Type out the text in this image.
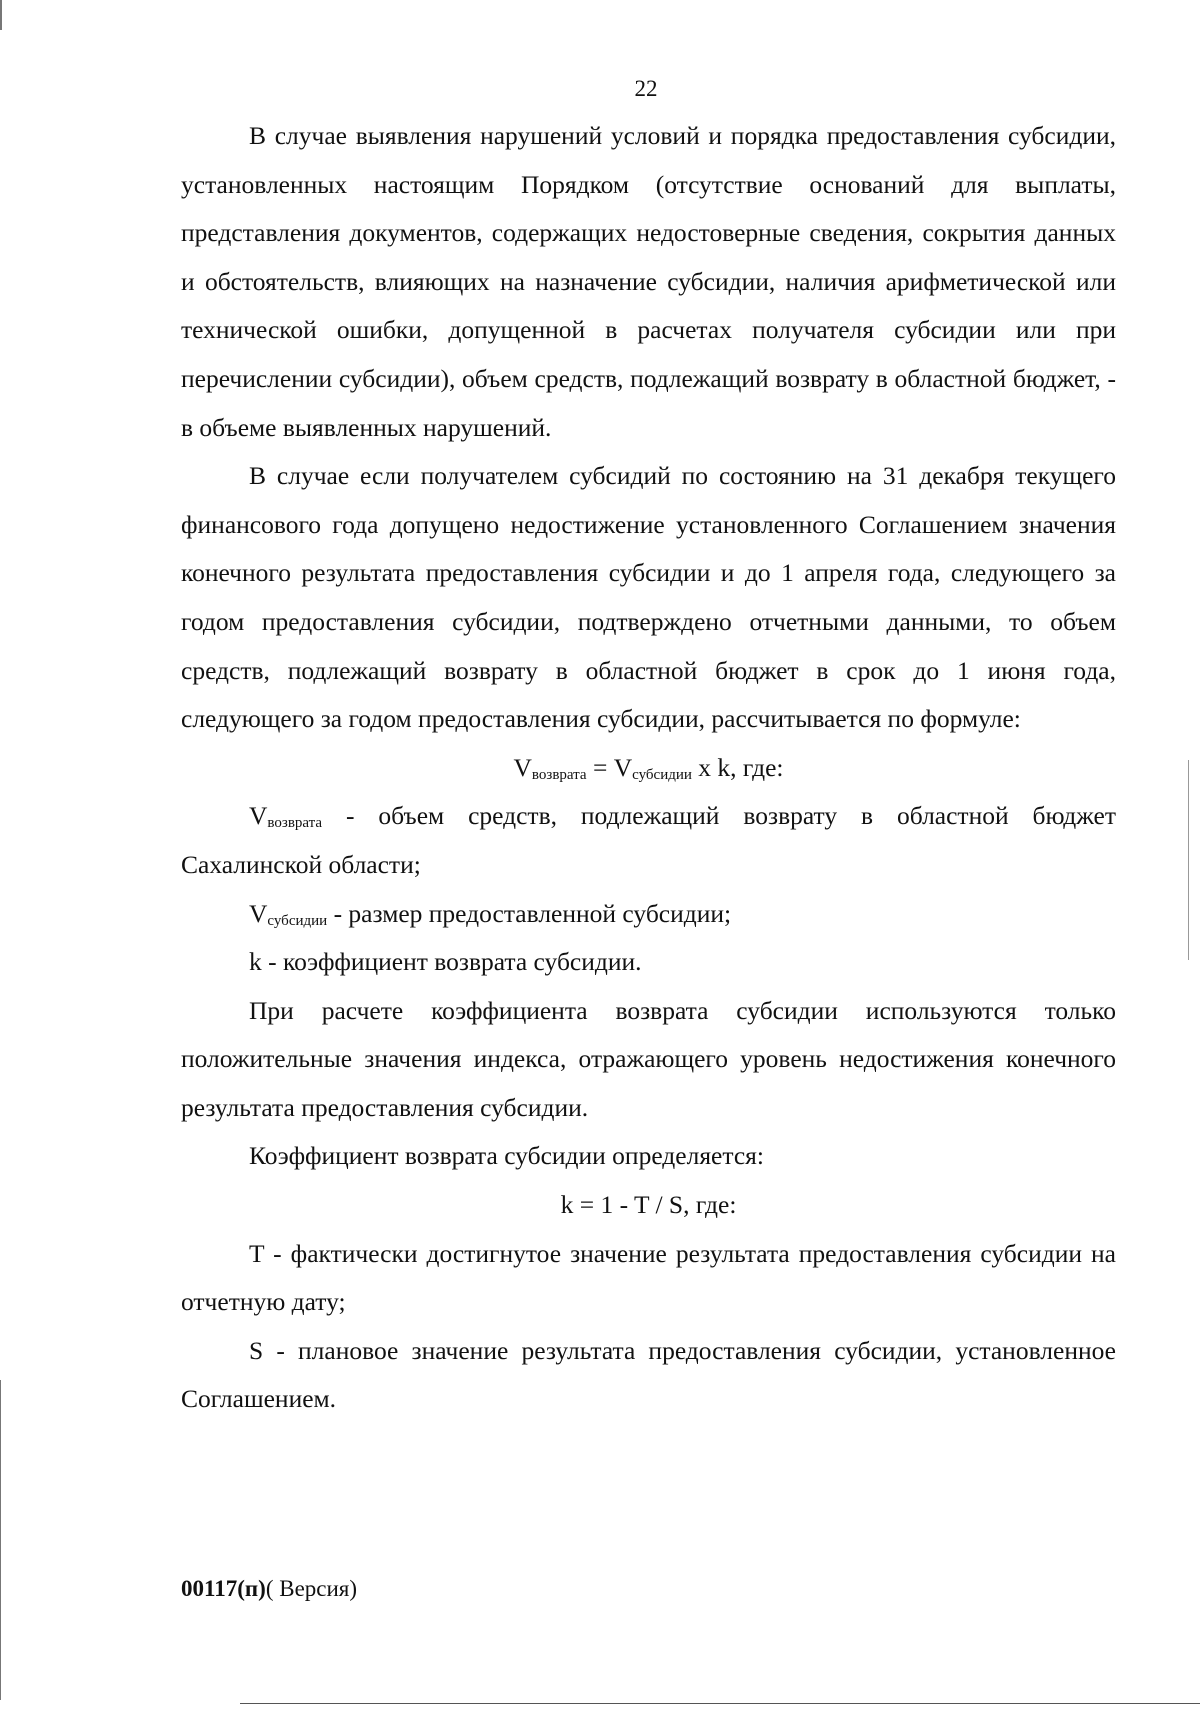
22

В случае выявления нарушений условий и порядка предоставления субсидии, установленных настоящим Порядком (отсутствие оснований для выплаты, представления документов, содержащих недостоверные сведения, сокрытия данных и обстоятельств, влияющих на назначение субсидии, наличия арифметической или технической ошибки, допущенной в расчетах получателя субсидии или при перечислении субсидии), объем средств, подлежащий возврату в областной бюджет, - в объеме выявленных нарушений.

В случае если получателем субсидий по состоянию на 31 декабря текущего финансового года допущено недостижение установленного Соглашением значения конечного результата предоставления субсидии и до 1 апреля года, следующего за годом предоставления субсидии, подтверждено отчетными данными, то объем средств, подлежащий возврату в областной бюджет в срок до 1 июня года, следующего за годом предоставления субсидии, рассчитывается по формуле:

$V_{возврата} = V_{субсидии}$ x k, где:

$V_{возврата}$ - объем средств, подлежащий возврату в областной бюджет Сахалинской области;

$V_{субсидии}$ - размер предоставленной субсидии;

k - коэффициент возврата субсидии.

При расчете коэффициента возврата субсидии используются только положительные значения индекса, отражающего уровень недостижения конечного результата предоставления субсидии.

Коэффициент возврата субсидии определяется:

k = 1 - T / S, где:

T - фактически достигнутое значение результата предоставления субсидии на отчетную дату;

S - плановое значение результата предоставления субсидии, установленное Соглашением.

00117(п)( Версия)
